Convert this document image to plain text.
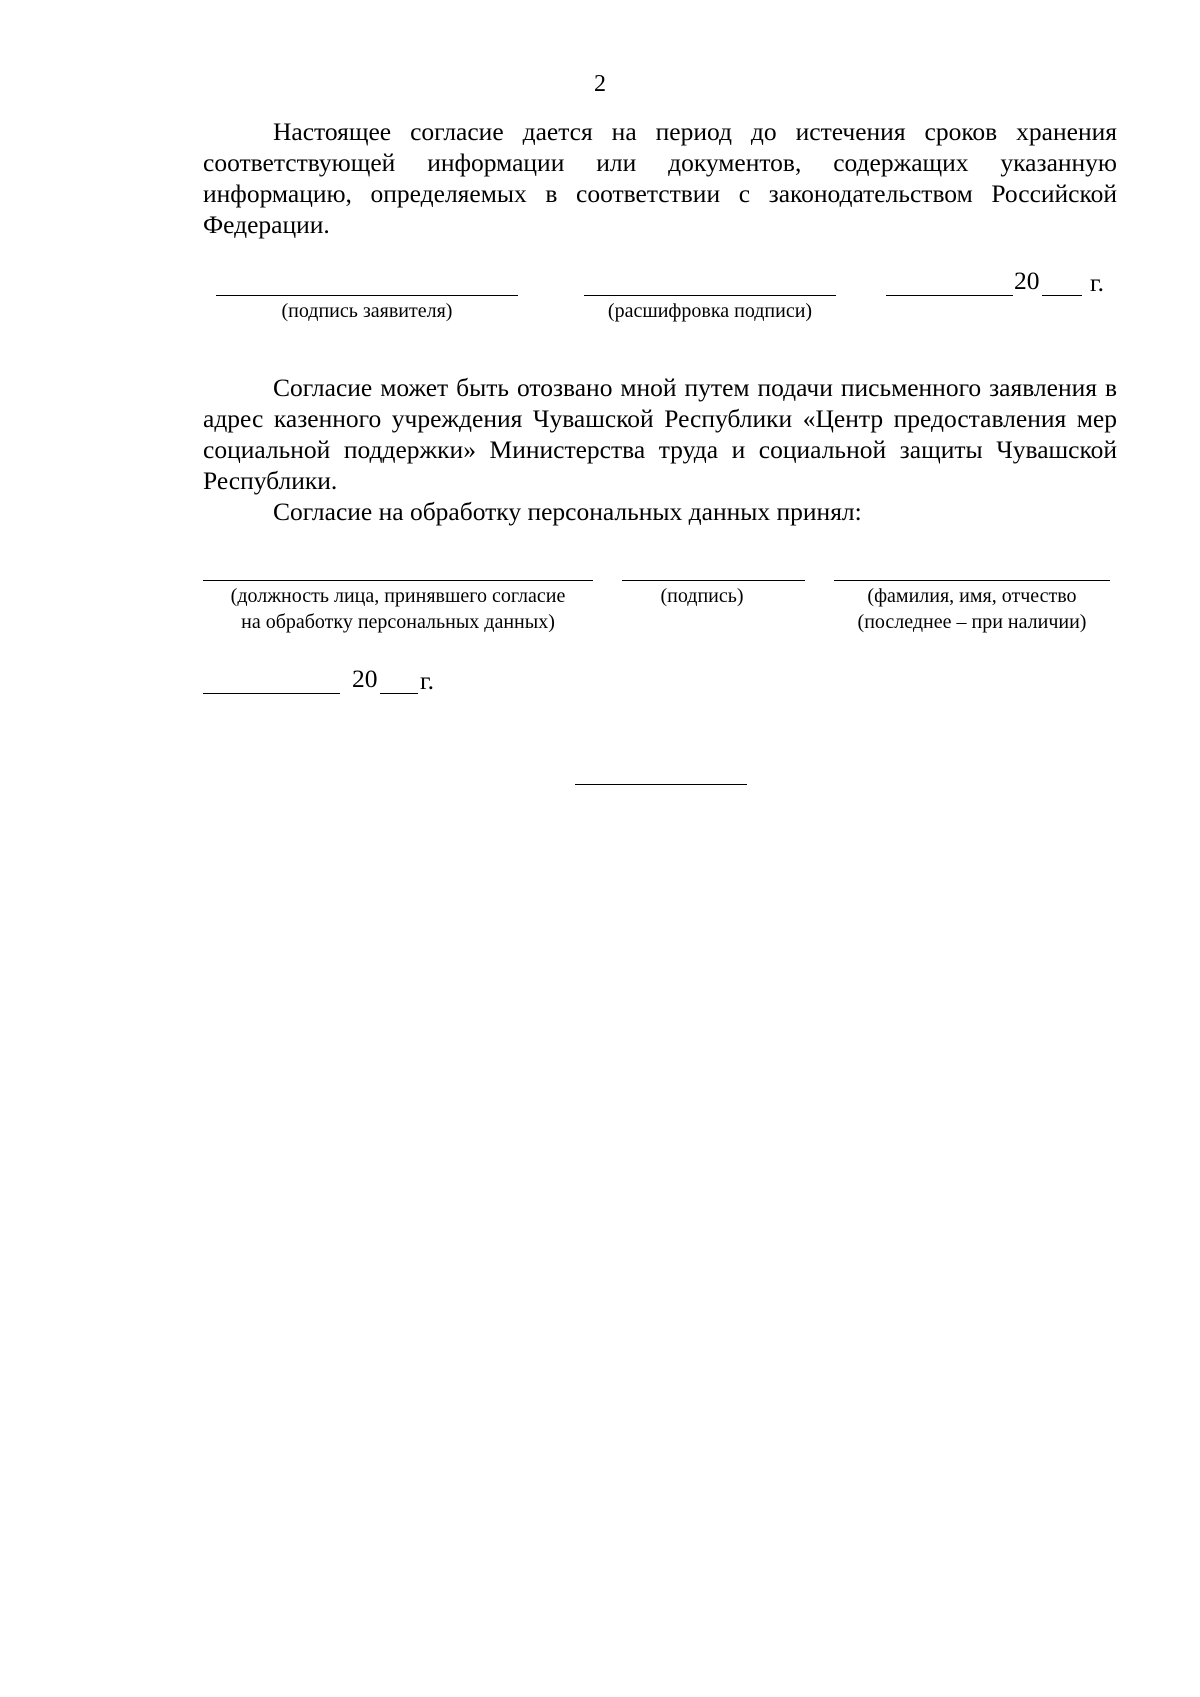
2

Настоящее согласие дается на период до истечения сроков хранения соответствующей информации или документов, содержащих указанную информацию, определяемых в соответствии с законодательством Российской Федерации.

(подпись заявителя)	(расшифровка подписи)
20 г.

Согласие может быть отозвано мной путем подачи письменного заявления в адрес казенного учреждения Чувашской Республики «Центр предоставления мер социальной поддержки» Министерства труда и социальной защиты Чувашской Республики.

Согласие на обработку персональных данных принял:

(должность лица, принявшего согласие
на обработку персональных данных)
(подпись)	(фамилия, имя, отчество
(последнее – при наличии)
20 г.
